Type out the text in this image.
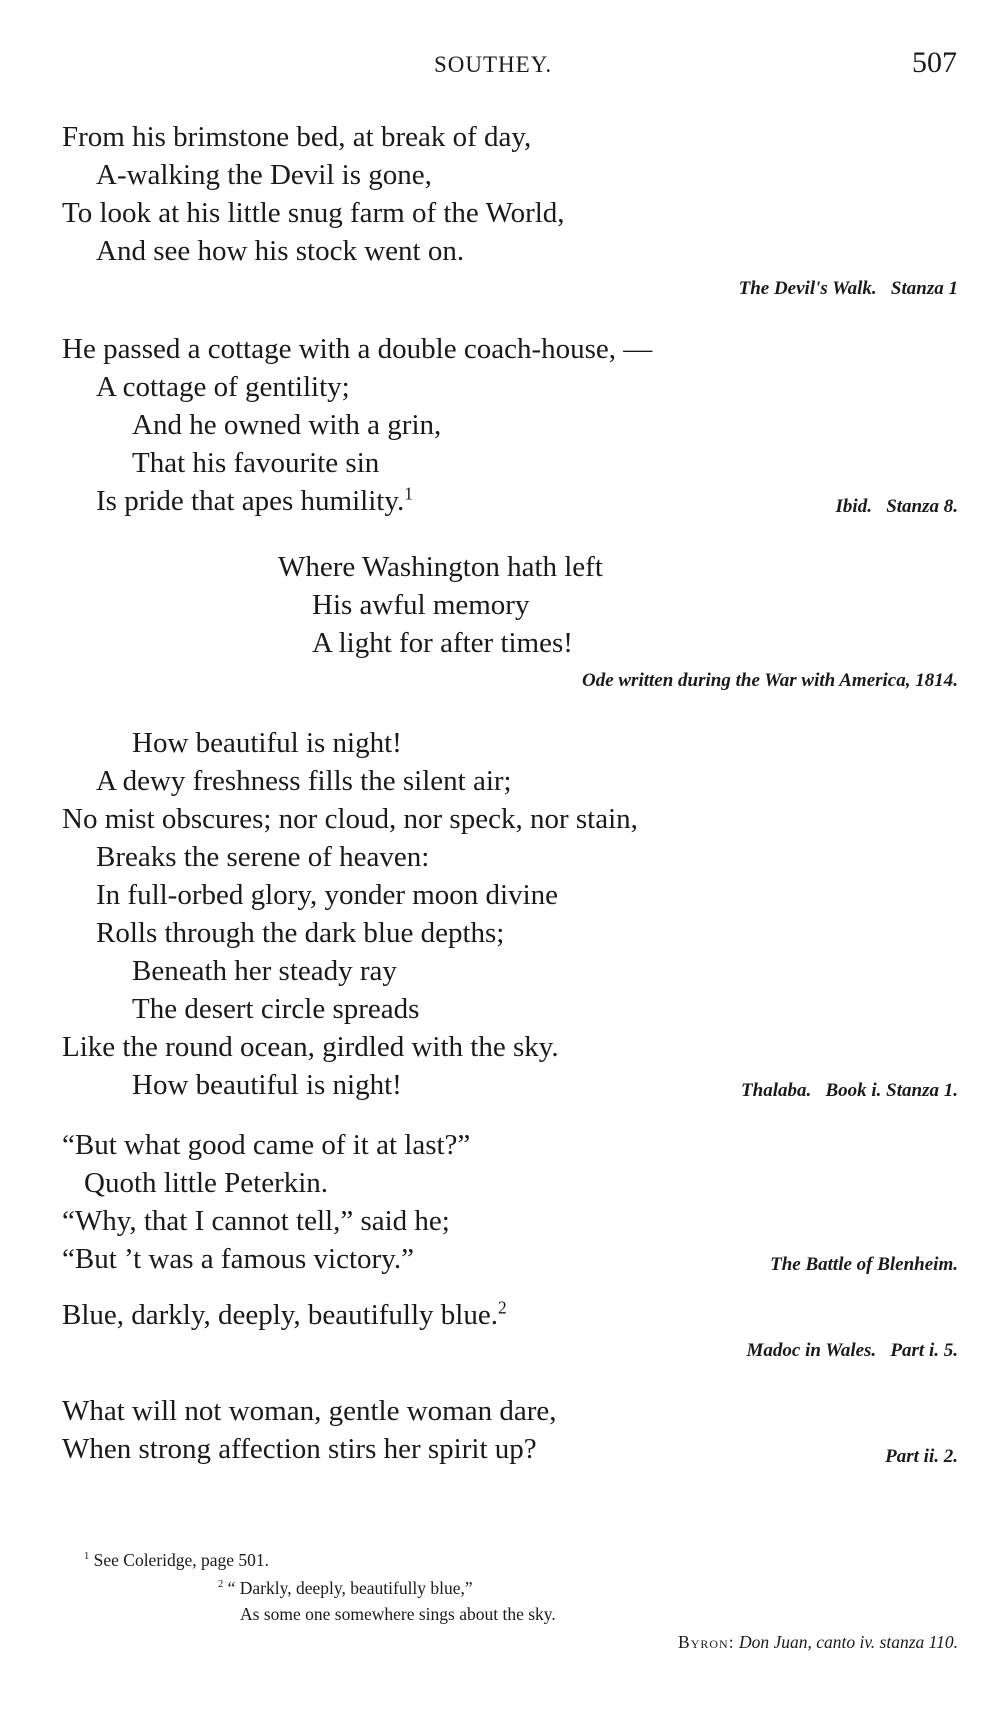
SOUTHEY.	507
From his brimstone bed, at break of day,
A-walking the Devil is gone,
To look at his little snug farm of the World,
And see how his stock went on.
The Devil's Walk.   Stanza 1
He passed a cottage with a double coach-house, —
A cottage of gentility;
And he owned with a grin,
That his favourite sin
Is pride that apes humility.$^1$
Ibid.   Stanza 8.
Where Washington hath left
His awful memory
A light for after times!
Ode written during the War with America, 1814.
How beautiful is night!
A dewy freshness fills the silent air;
No mist obscures; nor cloud, nor speck, nor stain,
Breaks the serene of heaven:
In full-orbed glory, yonder moon divine
Rolls through the dark blue depths;
Beneath her steady ray
The desert circle spreads
Like the round ocean, girdled with the sky.
How beautiful is night!	Thalaba.   Book i. Stanza 1.
“But what good came of it at last?”
Quoth little Peterkin.
“Why, that I cannot tell,” said he;
“But ’t was a famous victory.”	The Battle of Blenheim.
Blue, darkly, deeply, beautifully blue.$^2$
Madoc in Wales.   Part i. 5.
What will not woman, gentle woman dare,
When strong affection stirs her spirit up?	Part ii. 2.
$^1$ See Coleridge, page 501.
$^2$ “ Darkly, deeply, beautifully blue,”
As some one somewhere sings about the sky.
Byron: Don Juan, canto iv. stanza 110.
